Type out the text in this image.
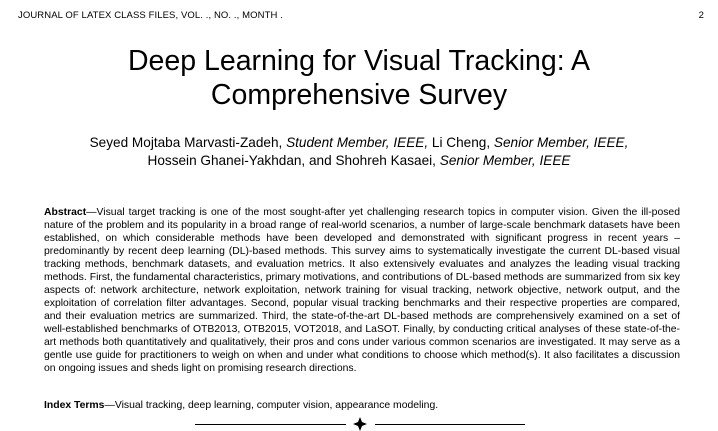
JOURNAL OF LATEX CLASS FILES, VOL. ., NO. ., MONTH .	2
Deep Learning for Visual Tracking: A
Comprehensive Survey
Seyed Mojtaba Marvasti-Zadeh, Student Member, IEEE, Li Cheng, Senior Member, IEEE,
Hossein Ghanei-Yakhdan, and Shohreh Kasaei, Senior Member, IEEE

Abstract—Visual target tracking is one of the most sought-after yet challenging research topics in computer vision. Given the ill-posed nature of the problem and its popularity in a broad range of real-world scenarios, a number of large-scale benchmark datasets have been established, on which considerable methods have been developed and demonstrated with significant progress in recent years – predominantly by recent deep learning (DL)-based methods. This survey aims to systematically investigate the current DL-based visual tracking methods, benchmark datasets, and evaluation metrics. It also extensively evaluates and analyzes the leading visual tracking methods. First, the fundamental characteristics, primary motivations, and contributions of DL-based methods are summarized from six key aspects of: network architecture, network exploitation, network training for visual tracking, network objective, network output, and the exploitation of correlation filter advantages. Second, popular visual tracking benchmarks and their respective properties are compared, and their evaluation metrics are summarized. Third, the state-of-the-art DL-based methods are comprehensively examined on a set of well-established benchmarks of OTB2013, OTB2015, VOT2018, and LaSOT. Finally, by conducting critical analyses of these state-of-the-art methods both quantitatively and qualitatively, their pros and cons under various common scenarios are investigated. It may serve as a gentle use guide for practitioners to weigh on when and under what conditions to choose which method(s). It also facilitates a discussion on ongoing issues and sheds light on promising research directions.

Index Terms—Visual tracking, deep learning, computer vision, appearance modeling.
